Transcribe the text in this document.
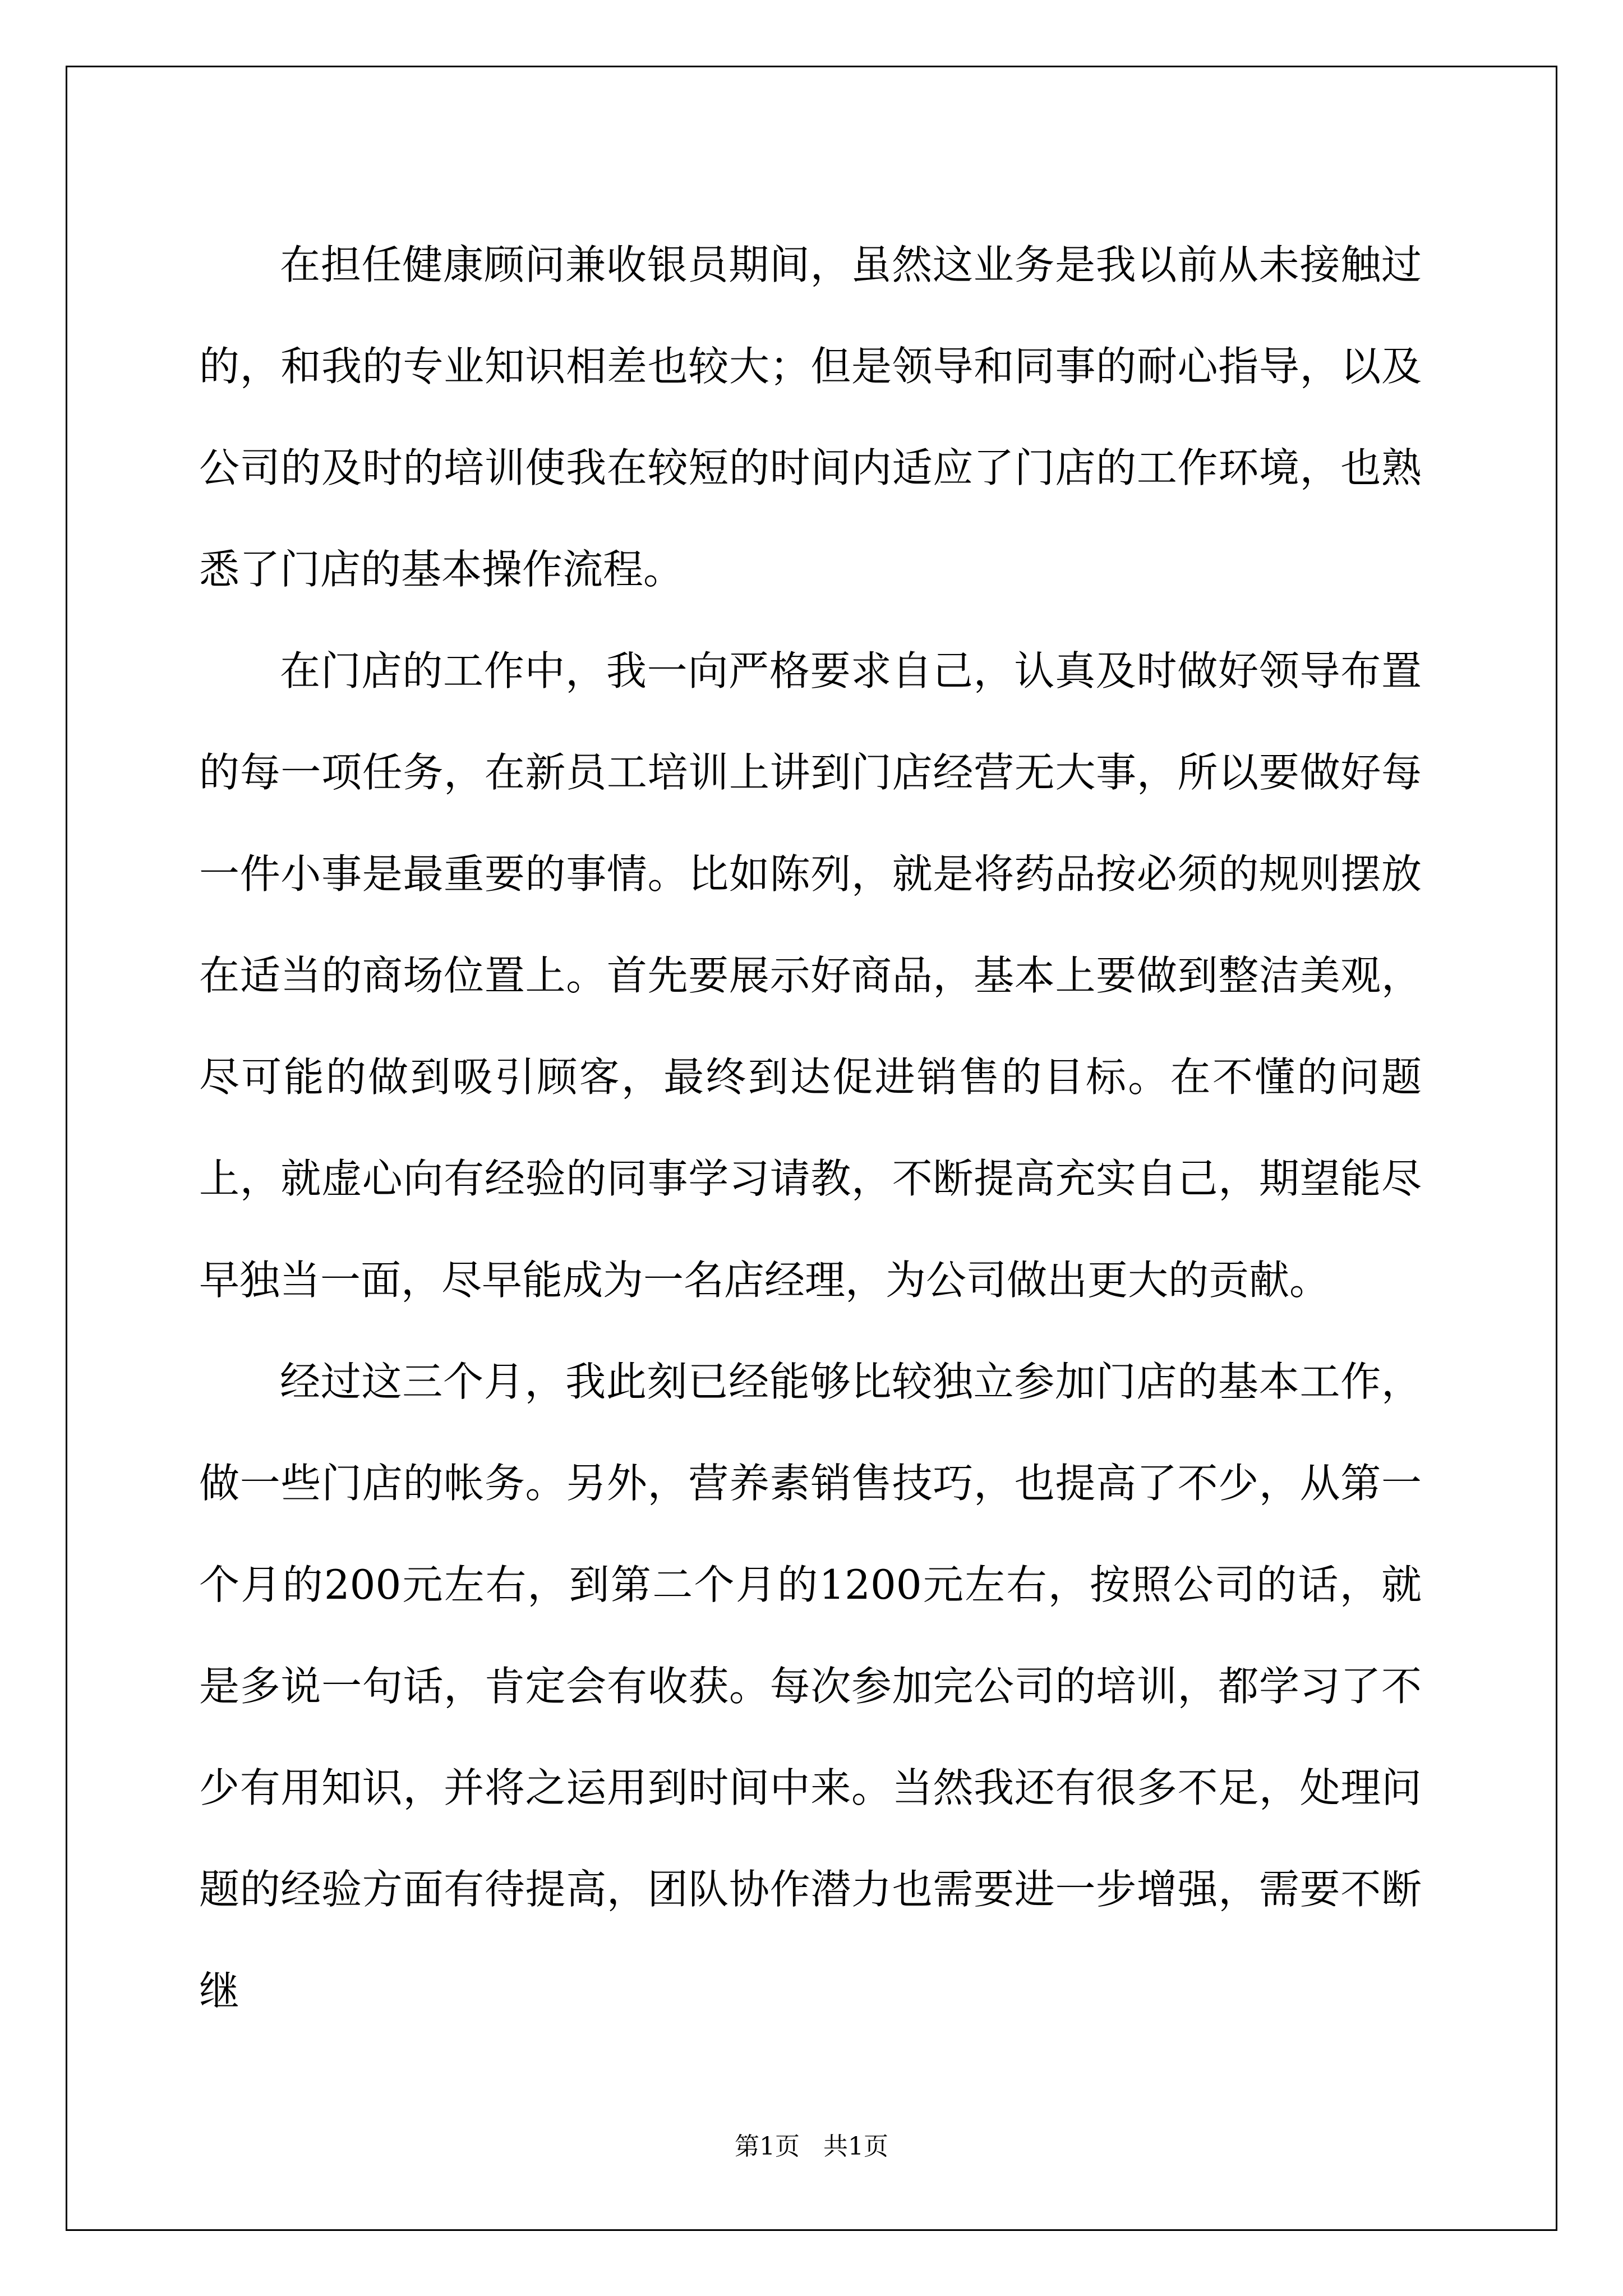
在担任健康顾问兼收银员期间，虽然这业务是我以前从未接触过的，和我的专业知识相差也较大；但是领导和同事的耐心指导，以及公司的及时的培训使我在较短的时间内适应了门店的工作环境，也熟悉了门店的基本操作流程。

在门店的工作中，我一向严格要求自己，认真及时做好领导布置的每一项任务，在新员工培训上讲到门店经营无大事，所以要做好每一件小事是最重要的事情。比如陈列，就是将药品按必须的规则摆放在适当的商场位置上。首先要展示好商品，基本上要做到整洁美观，尽可能的做到吸引顾客，最终到达促进销售的目标。在不懂的问题上，就虚心向有经验的同事学习请教，不断提高充实自己，期望能尽早独当一面，尽早能成为一名店经理，为公司做出更大的贡献。

经过这三个月，我此刻已经能够比较独立参加门店的基本工作，做一些门店的帐务。另外，营养素销售技巧，也提高了不少，从第一个月的200元左右，到第二个月的1200元左右，按照公司的话，就是多说一句话，肯定会有收获。每次参加完公司的培训，都学习了不少有用知识，并将之运用到时间中来。当然我还有很多不足，处理问题的经验方面有待提高，团队协作潜力也需要进一步增强，需要不断继

第1页   共1页
